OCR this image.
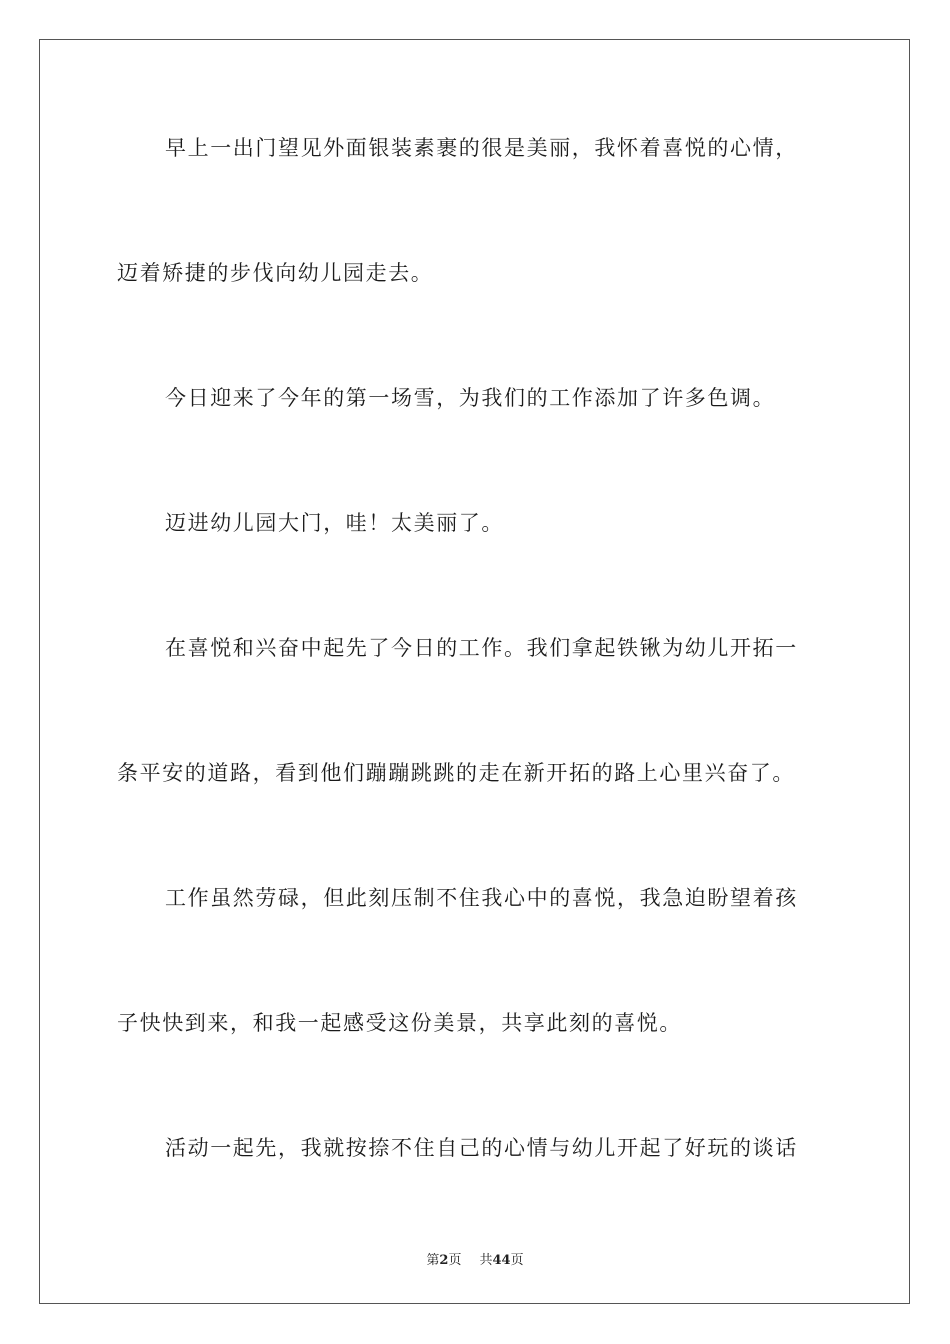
早上一出门望见外面银装素裹的很是美丽，我怀着喜悦的心情，
迈着矫捷的步伐向幼儿园走去。
今日迎来了今年的第一场雪，为我们的工作添加了许多色调。
迈进幼儿园大门，哇！太美丽了。
在喜悦和兴奋中起先了今日的工作。我们拿起铁锹为幼儿开拓一
条平安的道路，看到他们蹦蹦跳跳的走在新开拓的路上心里兴奋了。
工作虽然劳碌，但此刻压制不住我心中的喜悦，我急迫盼望着孩
子快快到来，和我一起感受这份美景，共享此刻的喜悦。
活动一起先，我就按捺不住自己的心情与幼儿开起了好玩的谈话
第2页 共44页
